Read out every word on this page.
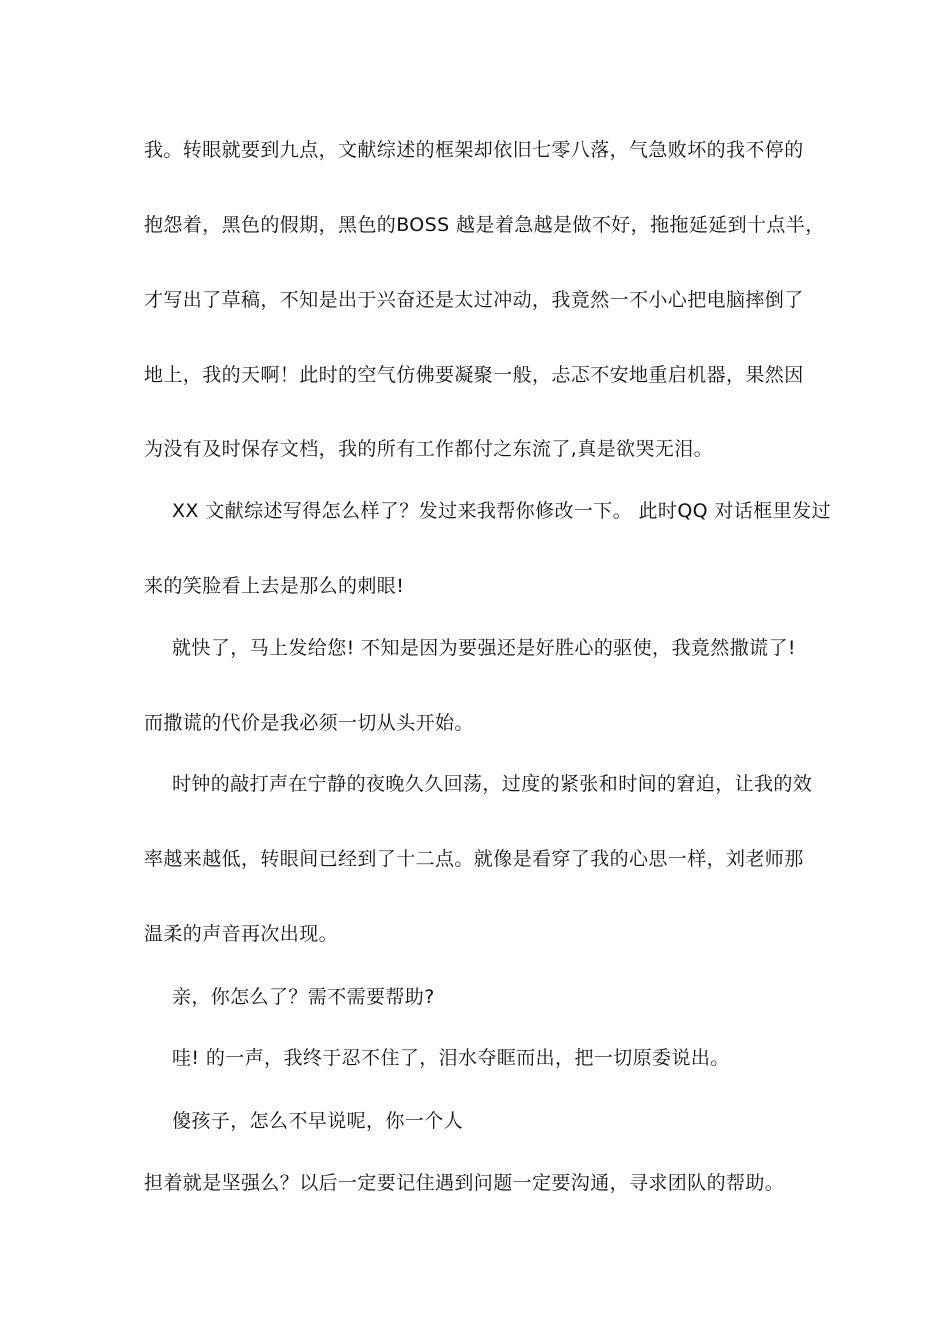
我。转眼就要到九点，文献综述的框架却依旧七零八落，气急败坏的我不停的
抱怨着，黑色的假期，黑色的BOSS 越是着急越是做不好，拖拖延延到十点半，
才写出了草稿，不知是出于兴奋还是太过冲动，我竟然一不小心把电脑摔倒了
地上，我的天啊！此时的空气仿佛要凝聚一般，忐忑不安地重启机器，果然因
为没有及时保存文档，我的所有工作都付之东流了,真是欲哭无泪。
XX 文献综述写得怎么样了？发过来我帮你修改一下。 此时QQ 对话框里发过
来的笑脸看上去是那么的刺眼!
就快了，马上发给您! 不知是因为要强还是好胜心的驱使，我竟然撒谎了!
而撒谎的代价是我必须一切从头开始。
时钟的敲打声在宁静的夜晚久久回荡，过度的紧张和时间的窘迫，让我的效
率越来越低，转眼间已经到了十二点。就像是看穿了我的心思一样，刘老师那
温柔的声音再次出现。
亲，你怎么了？需不需要帮助?
哇! 的一声，我终于忍不住了，泪水夺眶而出，把一切原委说出。
傻孩子，怎么不早说呢，你一个人
担着就是坚强么？以后一定要记住遇到问题一定要沟通，寻求团队的帮助。
